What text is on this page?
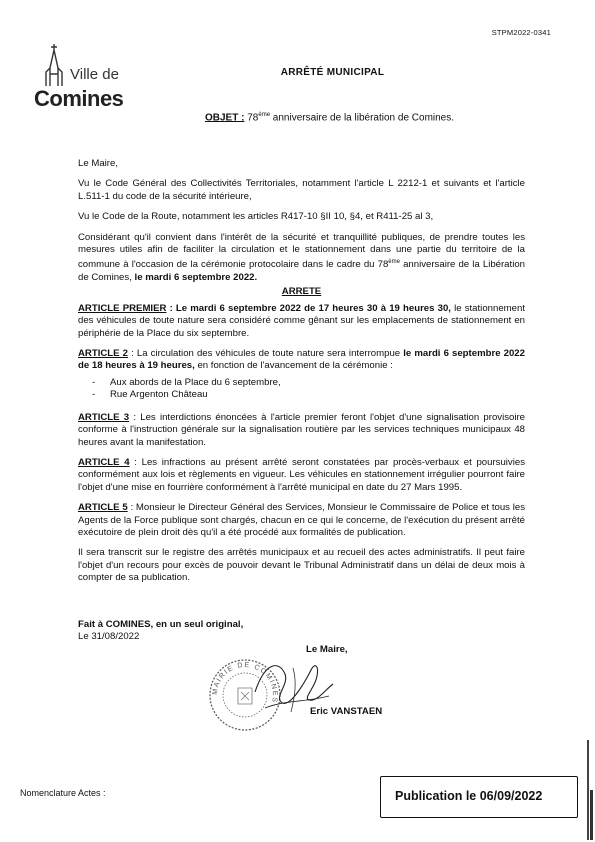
STPM2022-0341
Ville de
Comines
ARRÊTÉ MUNICIPAL
OBJET : 78ème anniversaire de la libération de Comines.

Le Maire,

Vu le Code Général des Collectivités Territoriales, notamment l'article L 2212-1 et suivants et l'article L.511-1 du code de la sécurité intérieure,

Vu le Code de la Route, notamment les articles R417-10 §II 10, §4, et R411-25 al 3,

Considérant qu'il convient dans l'intérêt de la sécurité et tranquillité publiques, de prendre toutes les mesures utiles afin de faciliter la circulation et le stationnement dans une partie du territoire de la commune à l'occasion de la cérémonie protocolaire dans le cadre du 78ème anniversaire de la Libération de Comines, le mardi 6 septembre 2022.

ARRETE

ARTICLE PREMIER : Le mardi 6 septembre 2022 de 17 heures 30 à 19 heures 30, le stationnement des véhicules de toute nature sera considéré comme gênant sur les emplacements de stationnement en périphérie de la Place du six septembre.

ARTICLE 2 : La circulation des véhicules de toute nature sera interrompue le mardi 6 septembre 2022 de 18 heures à 19 heures, en fonction de l'avancement de la cérémonie :

- Aux abords de la Place du 6 septembre,
- Rue Argenton Château

ARTICLE 3 : Les interdictions énoncées à l'article premier feront l'objet d'une signalisation provisoire conforme à l'instruction générale sur la signalisation routière par les services techniques municipaux 48 heures avant la manifestation.

ARTICLE 4 : Les infractions au présent arrêté seront constatées par procès-verbaux et poursuivies conformément aux lois et règlements en vigueur. Les véhicules en stationnement irrégulier pourront faire l'objet d'une mise en fourrière conformément à l'arrêté municipal en date du 27 Mars 1995.

ARTICLE 5 : Monsieur le Directeur Général des Services, Monsieur le Commissaire de Police et tous les Agents de la Force publique sont chargés, chacun en ce qui le concerne, de l'exécution du présent arrêté exécutoire de plein droit dès qu'il a été procédé aux formalités de publication.

Il sera transcrit sur le registre des arrêtés municipaux et au recueil des actes administratifs. Il peut faire l'objet d'un recours pour excès de pouvoir devant le Tribunal Administratif dans un délai de deux mois à compter de sa publication.

Fait à COMINES, en un seul original,
Le 31/08/2022
Le Maire,
MAIRIE DE COMINES
Eric VANSTAEN
Nomenclature Actes :	Publication le 06/09/2022
